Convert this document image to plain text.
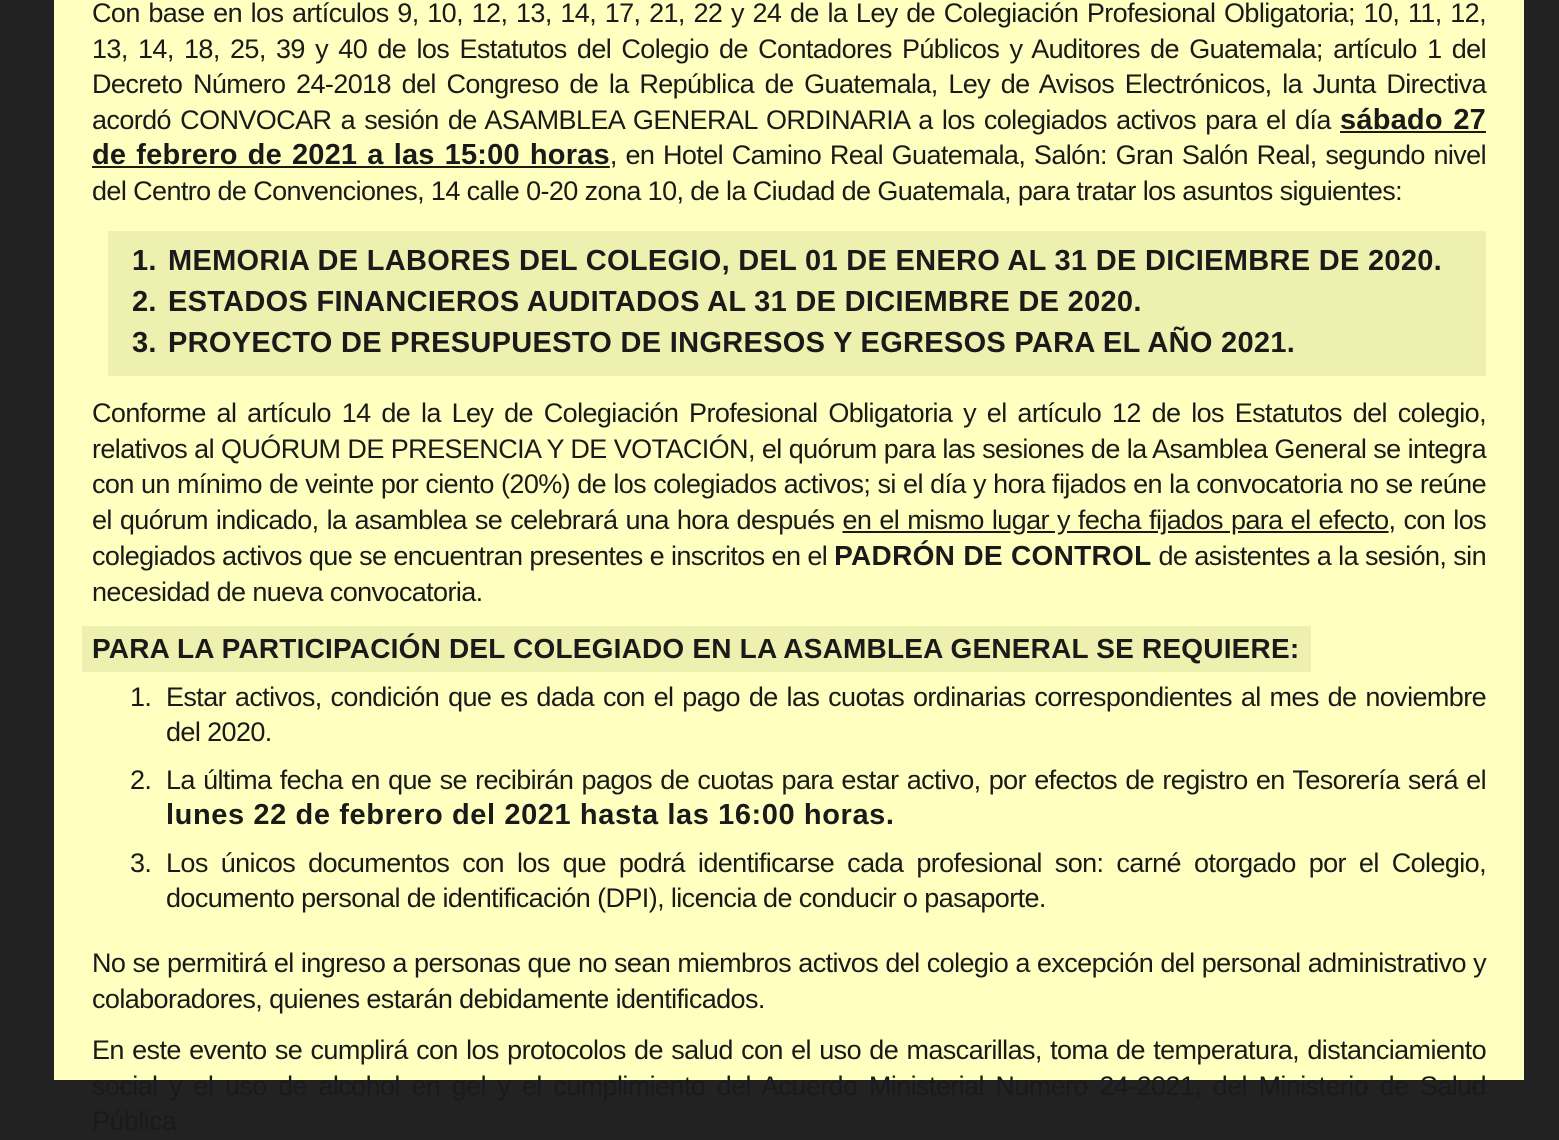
Con base en los artículos 9, 10, 12, 13, 14, 17, 21, 22 y 24 de la Ley de Colegiación Profesional Obligatoria; 10, 11, 12, 13, 14, 18, 25, 39 y 40 de los Estatutos del Colegio de Contadores Públicos y Auditores de Guatemala; artículo 1 del Decreto Número 24-2018 del Congreso de la República de Guatemala, Ley de Avisos Electrónicos, la Junta Directiva acordó CONVOCAR a sesión de ASAMBLEA GENERAL ORDINARIA a los colegiados activos para el día sábado 27 de febrero de 2021 a las 15:00 horas, en Hotel Camino Real Guatemala, Salón: Gran Salón Real, segundo nivel del Centro de Convenciones, 14 calle 0-20 zona 10, de la Ciudad de Guatemala, para tratar los asuntos siguientes:

1. MEMORIA DE LABORES DEL COLEGIO, DEL 01 DE ENERO AL 31 DE DICIEMBRE DE 2020.
2. ESTADOS FINANCIEROS AUDITADOS AL 31 DE DICIEMBRE DE 2020.
3. PROYECTO DE PRESUPUESTO DE INGRESOS Y EGRESOS PARA EL AÑO 2021.

Conforme al artículo 14 de la Ley de Colegiación Profesional Obligatoria y el artículo 12 de los Estatutos del colegio, relativos al QUÓRUM DE PRESENCIA Y DE VOTACIÓN, el quórum para las sesiones de la Asamblea General se integra con un mínimo de veinte por ciento (20%) de los colegiados activos; si el día y hora fijados en la convocatoria no se reúne el quórum indicado, la asamblea se celebrará una hora después en el mismo lugar y fecha fijados para el efecto, con los colegiados activos que se encuentran presentes e inscritos en el PADRÓN DE CONTROL de asistentes a la sesión, sin necesidad de nueva convocatoria.

PARA LA PARTICIPACIÓN DEL COLEGIADO EN LA ASAMBLEA GENERAL SE REQUIERE:
1. Estar activos, condición que es dada con el pago de las cuotas ordinarias correspondientes al mes de noviembre del 2020.
2. La última fecha en que se recibirán pagos de cuotas para estar activo, por efectos de registro en Tesorería será el lunes 22 de febrero del 2021 hasta las 16:00 horas.
3. Los únicos documentos con los que podrá identificarse cada profesional son: carné otorgado por el Colegio, documento personal de identificación (DPI), licencia de conducir o pasaporte.

No se permitirá el ingreso a personas que no sean miembros activos del colegio a excepción del personal administrativo y colaboradores, quienes estarán debidamente identificados.

En este evento se cumplirá con los protocolos de salud con el uso de mascarillas, toma de temperatura, distanciamiento social y el uso de alcohol en gel y el cumplimiento del Acuerdo Ministerial Numero 24-2021, del Ministerio de Salud Pública
